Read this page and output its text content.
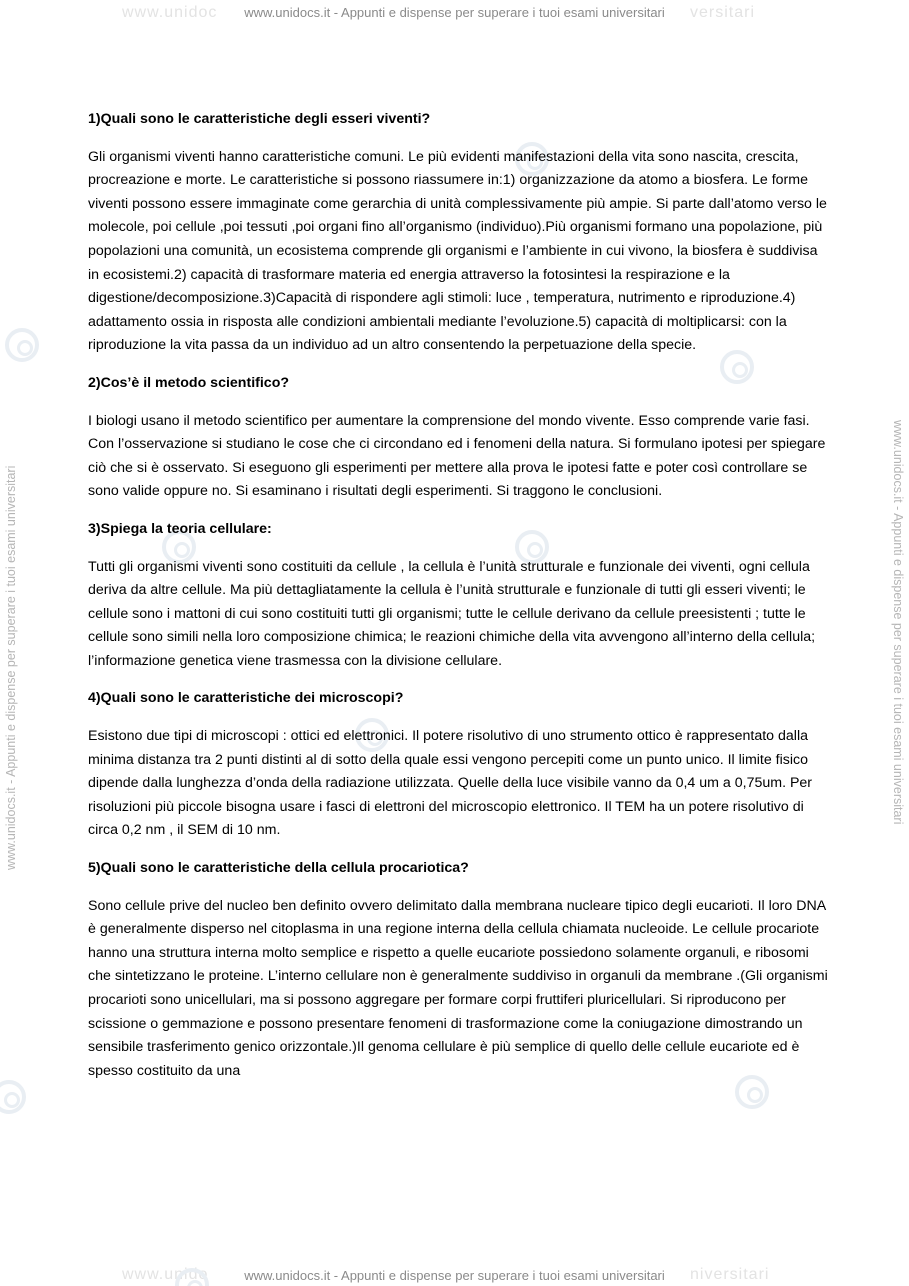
www.unidoc	versitari
www.unido	niversitari
www.unidocs.it - Appunti e dispense per superare i tuoi esami universitari
www.unidocs.it - Appunti e dispense per superare i tuoi esami universitari
www.unidocs.it - Appunti e dispense per superare i tuoi esami universitari	www.unidocs.it - Appunti e dispense per superare i tuoi esami universitari
1)Quali sono le caratteristiche degli esseri viventi?
Gli organismi viventi hanno caratteristiche comuni. Le più evidenti manifestazioni della vita sono nascita, crescita, procreazione e morte. Le caratteristiche si possono riassumere in:1) organizzazione da atomo a biosfera. Le forme viventi possono essere immaginate come gerarchia di unità complessivamente più ampie. Si parte dall’atomo verso le molecole, poi cellule ,poi tessuti ,poi organi fino all’organismo (individuo).Più organismi formano una popolazione, più popolazioni una comunità, un ecosistema comprende gli organismi e l’ambiente in cui vivono, la biosfera è suddivisa in ecosistemi.2) capacità di trasformare materia ed energia attraverso la fotosintesi la respirazione e la digestione/decomposizione.3)Capacità di rispondere agli stimoli: luce , temperatura, nutrimento e riproduzione.4) adattamento ossia in risposta alle condizioni ambientali mediante l’evoluzione.5) capacità di moltiplicarsi: con la riproduzione la vita passa da un individuo ad un altro consentendo la perpetuazione della specie.
2)Cos’è il metodo scientifico?
I biologi usano il metodo scientifico per aumentare la comprensione del mondo vivente. Esso comprende varie fasi. Con l’osservazione si studiano le cose che ci circondano ed i fenomeni della natura. Si formulano ipotesi per spiegare ciò che si è osservato. Si eseguono gli esperimenti per mettere alla prova le ipotesi fatte e poter così controllare se sono valide oppure no. Si esaminano i risultati degli esperimenti. Si traggono le conclusioni.
3)Spiega la teoria cellulare:
Tutti gli organismi viventi sono costituiti da cellule , la cellula è l’unità strutturale e funzionale dei viventi, ogni cellula deriva da altre cellule. Ma più dettagliatamente la cellula è l’unità strutturale e funzionale di tutti gli esseri viventi; le cellule sono i mattoni di cui sono costituiti tutti gli organismi; tutte le cellule derivano da cellule preesistenti ; tutte le cellule sono simili nella loro composizione chimica; le reazioni chimiche della vita avvengono all’interno della cellula; l’informazione genetica viene trasmessa con la divisione cellulare.
4)Quali sono le caratteristiche dei microscopi?
Esistono due tipi di microscopi : ottici ed elettronici. Il potere risolutivo di uno strumento ottico è rappresentato dalla minima distanza tra 2 punti distinti al di sotto della quale essi vengono percepiti come un punto unico. Il limite fisico dipende dalla lunghezza d’onda della radiazione utilizzata. Quelle della luce visibile vanno da 0,4 um a 0,75um. Per risoluzioni più piccole bisogna usare i fasci di elettroni del microscopio elettronico. Il TEM ha un potere risolutivo di circa 0,2 nm , il SEM di 10 nm.
5)Quali sono le caratteristiche della cellula procariotica?
Sono cellule prive del nucleo ben definito ovvero delimitato dalla membrana nucleare tipico degli eucarioti. Il loro DNA è generalmente disperso nel citoplasma in una regione interna della cellula chiamata nucleoide. Le cellule procariote hanno una struttura interna molto semplice e rispetto a quelle eucariote possiedono solamente organuli, e ribosomi che sintetizzano le proteine. L’interno cellulare non è generalmente suddiviso in organuli da membrane .(Gli organismi procarioti sono unicellulari, ma si possono aggregare per formare corpi fruttiferi pluricellulari. Si riproducono per scissione o gemmazione e possono presentare fenomeni di trasformazione come la coniugazione dimostrando un sensibile trasferimento genico orizzontale.)Il genoma cellulare è più semplice di quello delle cellule eucariote ed è spesso costituito da una
